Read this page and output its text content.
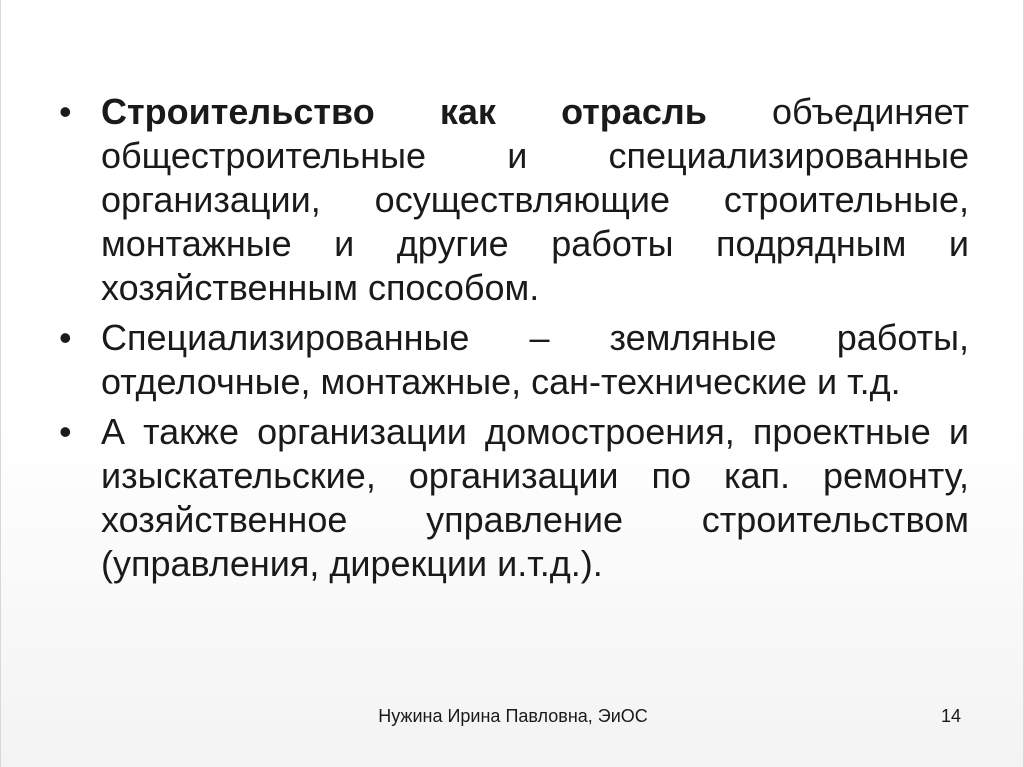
• Строительство как отрасль объединяет общестроительные и специализированные организации, осуществляющие строительные, монтажные и другие работы подрядным и хозяйственным способом.
• Специализированные – земляные работы, отделочные, монтажные, сан-технические и т.д.
• А также организации домостроения, проектные и изыскательские, организации по кап. ремонту, хозяйственное управление строительством (управления, дирекции и.т.д.).
Нужина Ирина Павловна, ЭиОС	14
